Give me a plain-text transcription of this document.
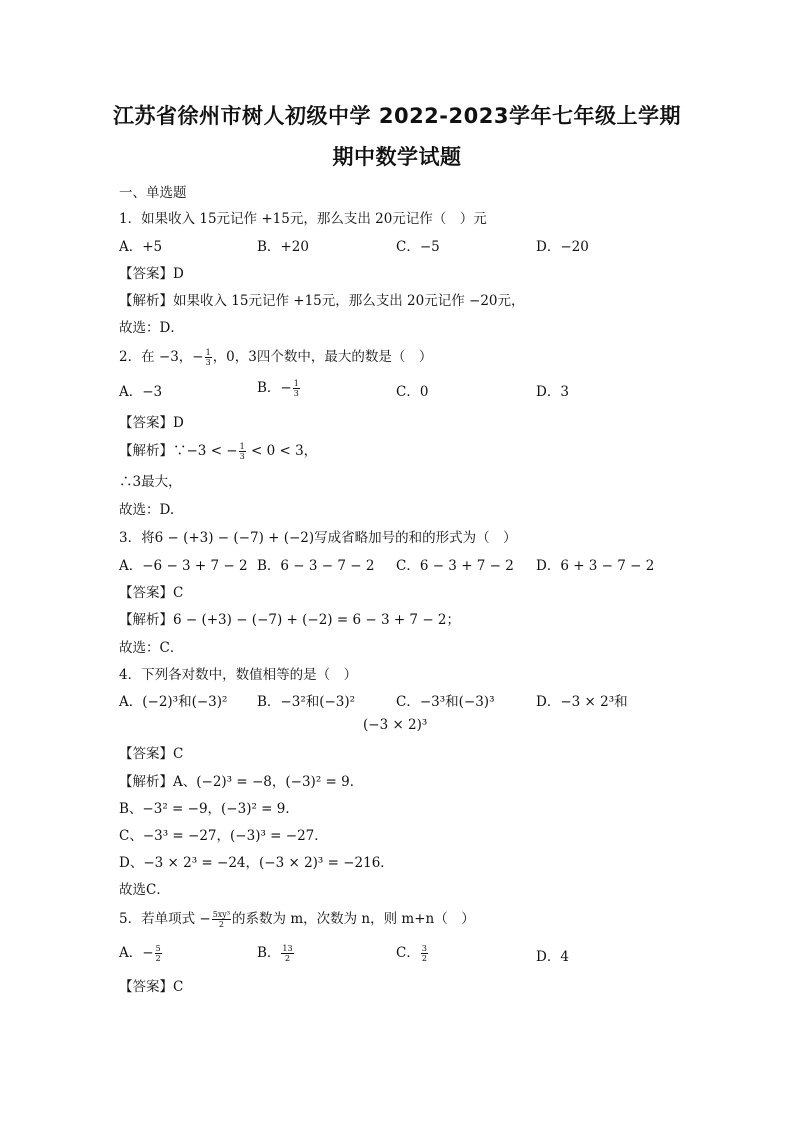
江苏省徐州市树人初级中学 2022-2023学年七年级上学期
期中数学试题
一、单选题
1．如果收入 15元记作 +15元，那么支出 20元记作（　）元
A．+5	B．+20	C．−5	D．−20
【答案】D
【解析】如果收入 15元记作 +15元，那么支出 20元记作 −20元，
故选：D．
2．在 −3，− $\frac{1}{3}$ ，0，3四个数中，最大的数是（　）
A．−3	B．− $\frac{1}{3}$	C．0	D．3
【答案】D
【解析】∵−3 < − $\frac{1}{3} < 0 < 3$，
∴3最大，
故选：D.
3．将6 − (+3) − (−7) + (−2)写成省略加号的和的形式为（　）
A．−6 − 3 + 7 − 2 B．6 − 3 − 7 − 2 C．6 − 3 + 7 − 2 D．6 + 3 − 7 − 2
【答案】C
【解析】6 − (+3) − (−7) + (−2) = 6 − 3 + 7 − 2；
故选：C．
4．下列各对数中，数值相等的是（　）
A．(−2)³和(−3)² B．−3²和(−3)²	C．−3³和(−3)³	D．−3 × 2³和
(−3 × 2)³
【答案】C
【解析】A、(−2)³ = −8，(−3)² = 9．
B、−3² = −9，(−3)² = 9．
C、−3³ = −27，(−3)³ = −27．
D、−3 × 2³ = −24，(−3 × 2)³ = −216．
故选C．
5．若单项式 − $\frac{\text{5xy³}}{2}$ 的系数为 m，次数为 n，则 m+n（　）
A．− $\frac{5}{2}$	B． $\frac{13}{2}$	C． $\frac{3}{2}$	D．4
【答案】C
